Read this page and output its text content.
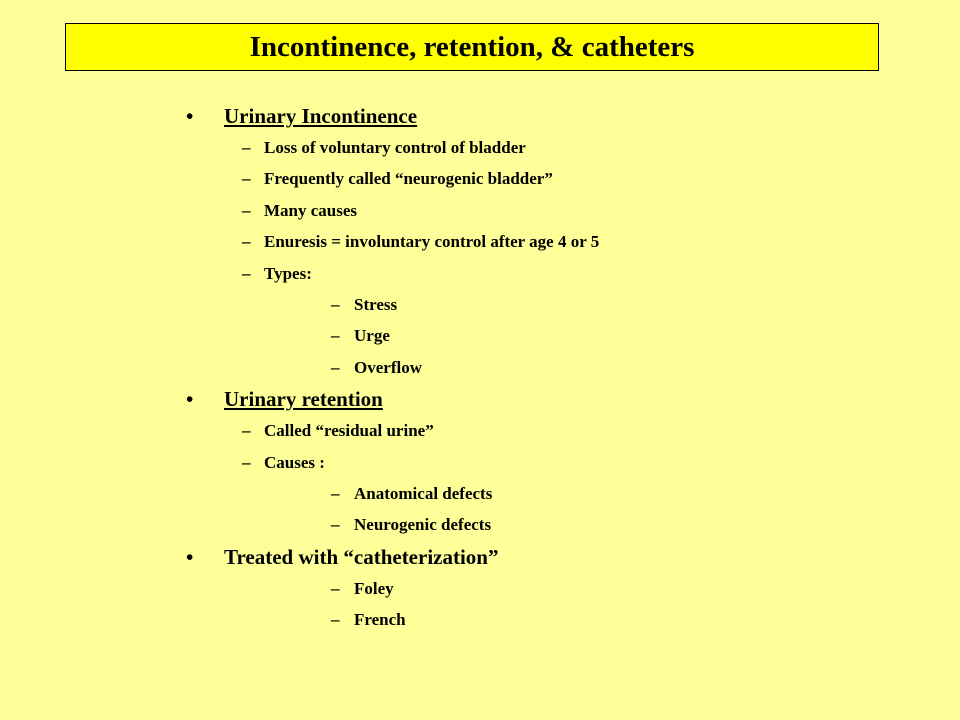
Incontinence, retention, & catheters
• Urinary Incontinence
– Loss of voluntary control of bladder
– Frequently called “neurogenic bladder”
– Many causes
– Enuresis = involuntary control after age 4 or 5
– Types:
– Stress
– Urge
– Overflow
• Urinary retention
– Called “residual urine”
– Causes :
– Anatomical defects
– Neurogenic defects
• Treated with “catheterization”
– Foley
– French
